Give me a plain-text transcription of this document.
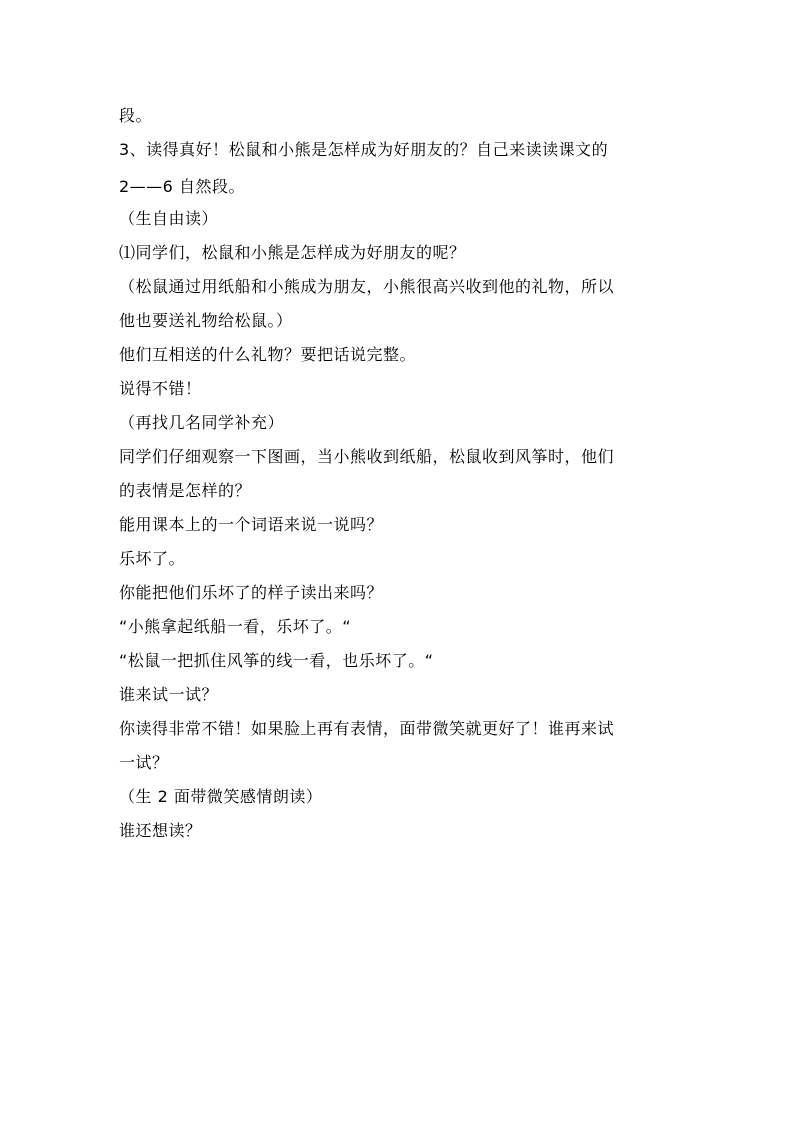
段。

3、读得真好！松鼠和小熊是怎样成为好朋友的？自己来读读课文的

2——6 自然段。

（生自由读）

⑴同学们，松鼠和小熊是怎样成为好朋友的呢？

（松鼠通过用纸船和小熊成为朋友，小熊很高兴收到他的礼物，所以

他也要送礼物给松鼠。）

他们互相送的什么礼物？要把话说完整。

说得不错！

（再找几名同学补充）

同学们仔细观察一下图画，当小熊收到纸船，松鼠收到风筝时，他们

的表情是怎样的？

能用课本上的一个词语来说一说吗？

乐坏了。

你能把他们乐坏了的样子读出来吗？

“小熊拿起纸船一看，乐坏了。“

“松鼠一把抓住风筝的线一看，也乐坏了。“

谁来试一试？

你读得非常不错！如果脸上再有表情，面带微笑就更好了！谁再来试

一试？

（生 2 面带微笑感情朗读）

谁还想读？
